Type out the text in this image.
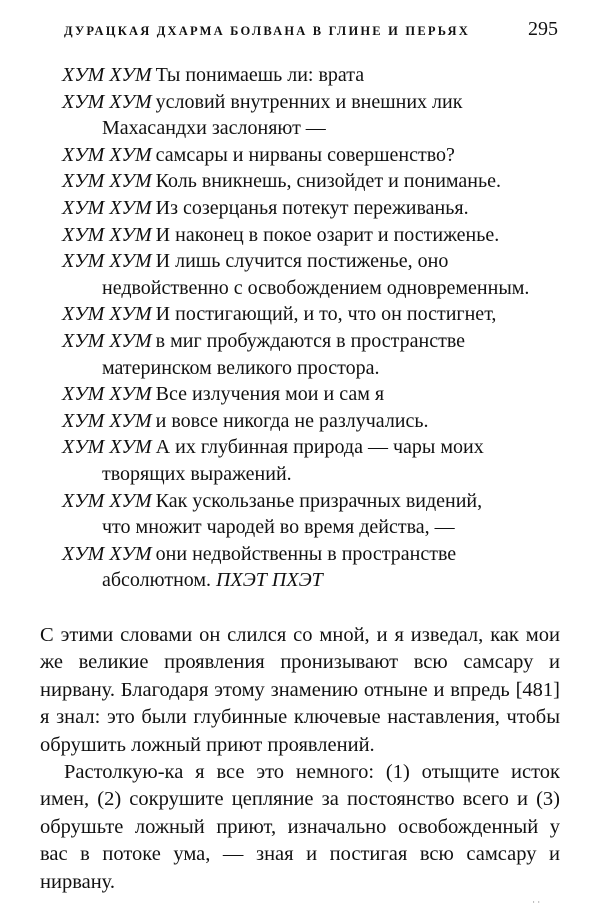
ДУРАЦКАЯ ДХАРМА БОЛВАНА В ГЛИНЕ И ПЕРЬЯХ	295
ХУМ ХУМ Ты понимаешь ли: врата
ХУМ ХУМ условий внутренних и внешних лик
Махасандхи заслоняют —
ХУМ ХУМ самсары и нирваны совершенство?
ХУМ ХУМ Коль вникнешь, снизойдет и пониманье.
ХУМ ХУМ Из созерцанья потекут переживанья.
ХУМ ХУМ И наконец в покое озарит и постиженье.
ХУМ ХУМ И лишь случится постиженье, оно
недвойственно с освобождением одновременным.
ХУМ ХУМ И постигающий, и то, что он постигнет,
ХУМ ХУМ в миг пробуждаются в пространстве
материнском великого простора.
ХУМ ХУМ Все излучения мои и сам я
ХУМ ХУМ и вовсе никогда не разлучались.
ХУМ ХУМ А их глубинная природа — чары моих
творящих выражений.
ХУМ ХУМ Как ускользанье призрачных видений,
что множит чародей во время действа, —
ХУМ ХУМ они недвойственны в пространстве
абсолютном. ПХЭТ ПХЭТ

С этими словами он слился со мной, и я изведал, как мои же великие проявления пронизывают всю самсару и нирвану. Благодаря этому знамению отныне и впредь [481] я знал: это были глубинные ключевые наставления, чтобы обрушить ложный приют проявлений.

Растолкую-ка я все это немного: (1) отыщите исток имен, (2) сокрушите цепляние за постоянство всего и (3) обрушьте ложный приют, изначально освобожденный у вас в потоке ума, — зная и постигая всю самсару и нирвану.

· ·
